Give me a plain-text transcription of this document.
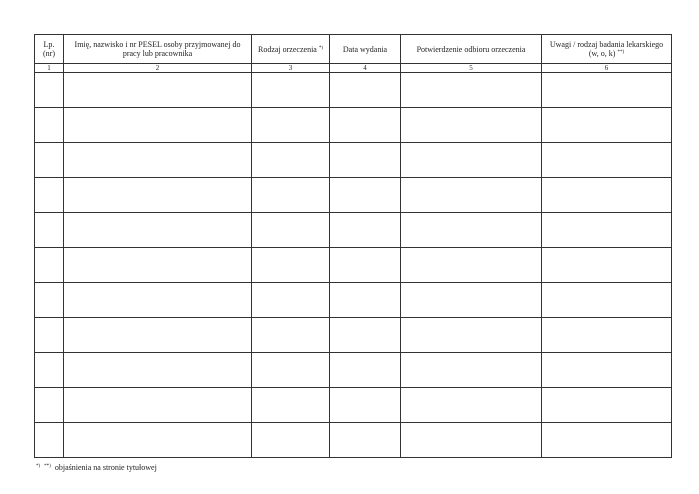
Lp. (nr)	Imię, nazwisko i nr PESEL osoby przyjmowanej do pracy lub pracownika	Rodzaj orzeczenia *)	Data wydania	Potwierdzenie odbioru orzeczenia	Uwagi / rodzaj badania lekarskiego (w, o, k) **)
1	2	3	4	5	6

*) **) objaśnienia na stronie tytułowej
